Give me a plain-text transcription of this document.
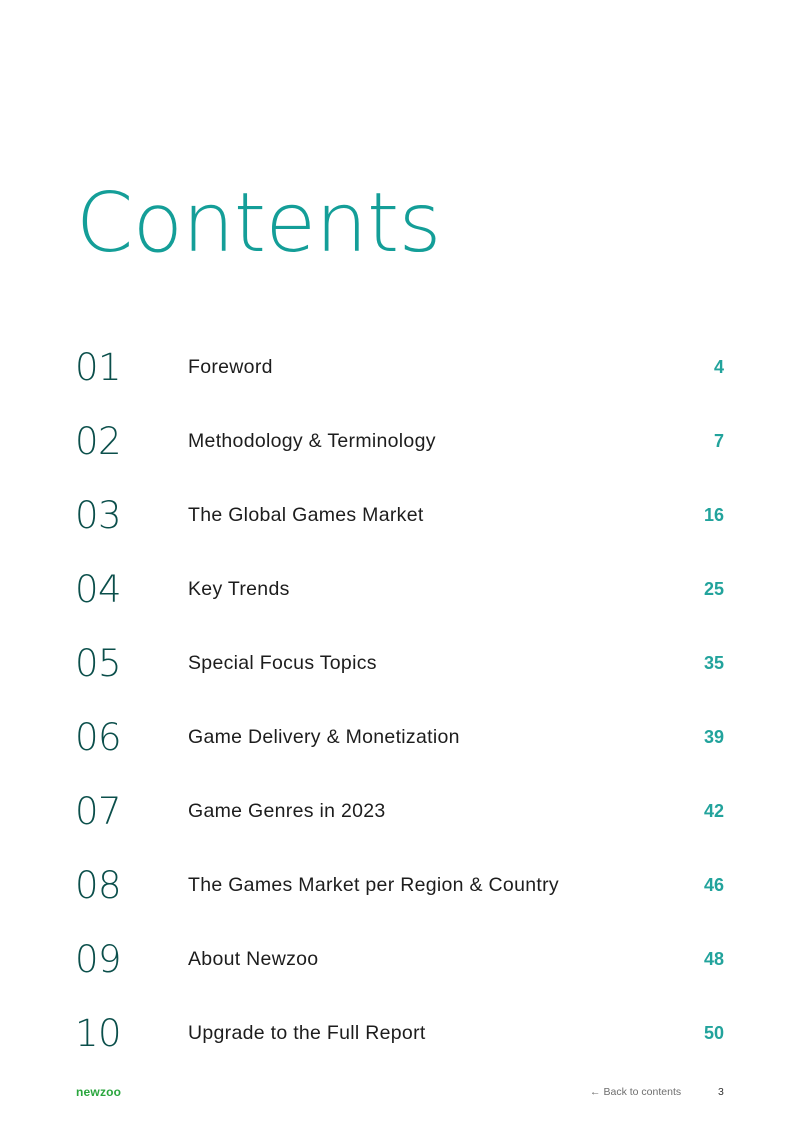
Contents
01	Foreword	4
02	Methodology & Terminology	7
03	The Global Games Market	16
04	Key Trends	25
05	Special Focus Topics	35
06	Game Delivery & Monetization	39
07	Game Genres in 2023	42
08	The Games Market per Region & Country	46
09	About Newzoo	48
10	Upgrade to the Full Report	50
newzoo	← Back to contents	3
